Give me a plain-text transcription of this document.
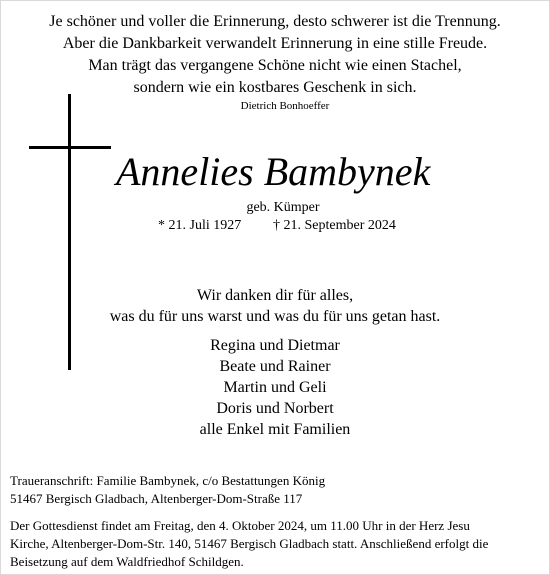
Je schöner und voller die Erinnerung, desto schwerer ist die Trennung.
Aber die Dankbarkeit verwandelt Erinnerung in eine stille Freude.
Man trägt das vergangene Schöne nicht wie einen Stachel,
sondern wie ein kostbares Geschenk in sich.
Dietrich Bonhoeffer
Annelies Bambynek
geb. Kümper
* 21. Juli 1927 † 21. September 2024
Wir danken dir für alles,
was du für uns warst und was du für uns getan hast.
Regina und Dietmar
Beate und Rainer
Martin und Geli
Doris und Norbert
alle Enkel mit Familien
Traueranschrift: Familie Bambynek, c/o Bestattungen König
51467 Bergisch Gladbach, Altenberger-Dom-Straße 117
Der Gottesdienst findet am Freitag, den 4. Oktober 2024, um 11.00 Uhr in der Herz Jesu
Kirche, Altenberger-Dom-Str. 140, 51467 Bergisch Gladbach statt. Anschließend erfolgt die
Beisetzung auf dem Waldfriedhof Schildgen.
